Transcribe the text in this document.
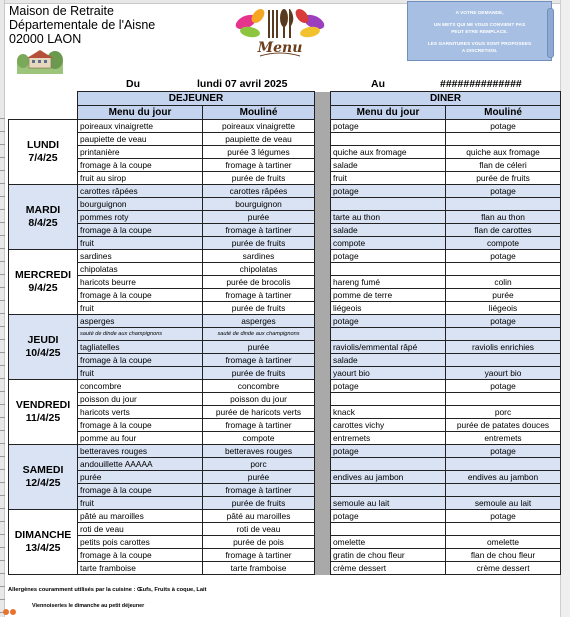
Maison de Retraite
Départementale de l'Aisne
02000 LAON
Menu
A VOTRE DEMANDE,
UN METS QUI NE VOUS CONVIENT PAS
PEUT ETRE REMPLACE.
LES GARNITURES VOUS SONT PROPOSEES
A DISCRETION.
Du	lundi 07 avril 2025	Au	##############
	DEJEUNER			DINER	
	Menu du jour	Mouliné		Menu du jour	Mouliné

LUNDI
7/4/25	poireaux vinaigrette	poireaux vinaigrette		potage	potage
	paupiette de veau	paupiette de veau			
	printanière	purée 3 légumes		quiche aux fromage	quiche aux fromage
	fromage à la coupe	fromage à tartiner		salade	flan de céleri
	fruit au sirop	purée de fruits		fruit	purée de fruits

MARDI
8/4/25	carottes râpées	carottes râpées		potage	potage
	bourguignon	bourguignon			
	pommes roty	purée		tarte au thon	flan au thon
	fromage à la coupe	fromage à tartiner		salade	flan de carottes
	fruit	purée de fruits		compote	compote

MERCREDI
9/4/25	sardines	sardines		potage	potage
	chipolatas	chipolatas			
	haricots beurre	purée de brocolis		hareng fumé	colin
	fromage à la coupe	fromage à tartiner		pomme de terre	purée
	fruit	purée de fruits		liégeois	liégeois

JEUDI
10/4/25	asperges	asperges		potage	potage
	sauté de dinde aux champignons	sauté de dinde aux champignons			
	tagliatelles	purée		raviolis/emmental râpé	raviolis enrichies
	fromage à la coupe	fromage à tartiner		salade	
	fruit	purée de fruits		yaourt bio	yaourt bio

VENDREDI
11/4/25	concombre	concombre		potage	potage
	poisson du jour	poisson du jour			
	haricots verts	purée de haricots verts		knack	porc
	fromage à la coupe	fromage à tartiner		carottes vichy	purée de patates douces
	pomme au four	compote		entremets	entremets

SAMEDI
12/4/25	betteraves rouges	betteraves rouges		potage	potage
	andouillette AAAAA	porc			
	purée	purée		endives au jambon	endives au jambon
	fromage à la coupe	fromage à tartiner			
	fruit	purée de fruits		semoule au lait	semoule au lait

DIMANCHE
13/4/25	pâté au maroilles	pâté au maroilles		potage	potage
	roti de veau	roti de veau			
	petits pois carottes	purée de pois		omelette	omelette
	fromage à la coupe	fromage à tartiner		gratin de chou fleur	flan de chou fleur
	tarte framboise	tarte framboise		crème dessert	crème dessert
Allergènes couramment utilisés par la cuisine : Œufs, Fruits à coque, Lait
Viennoiseries le dimanche au petit déjeuner
